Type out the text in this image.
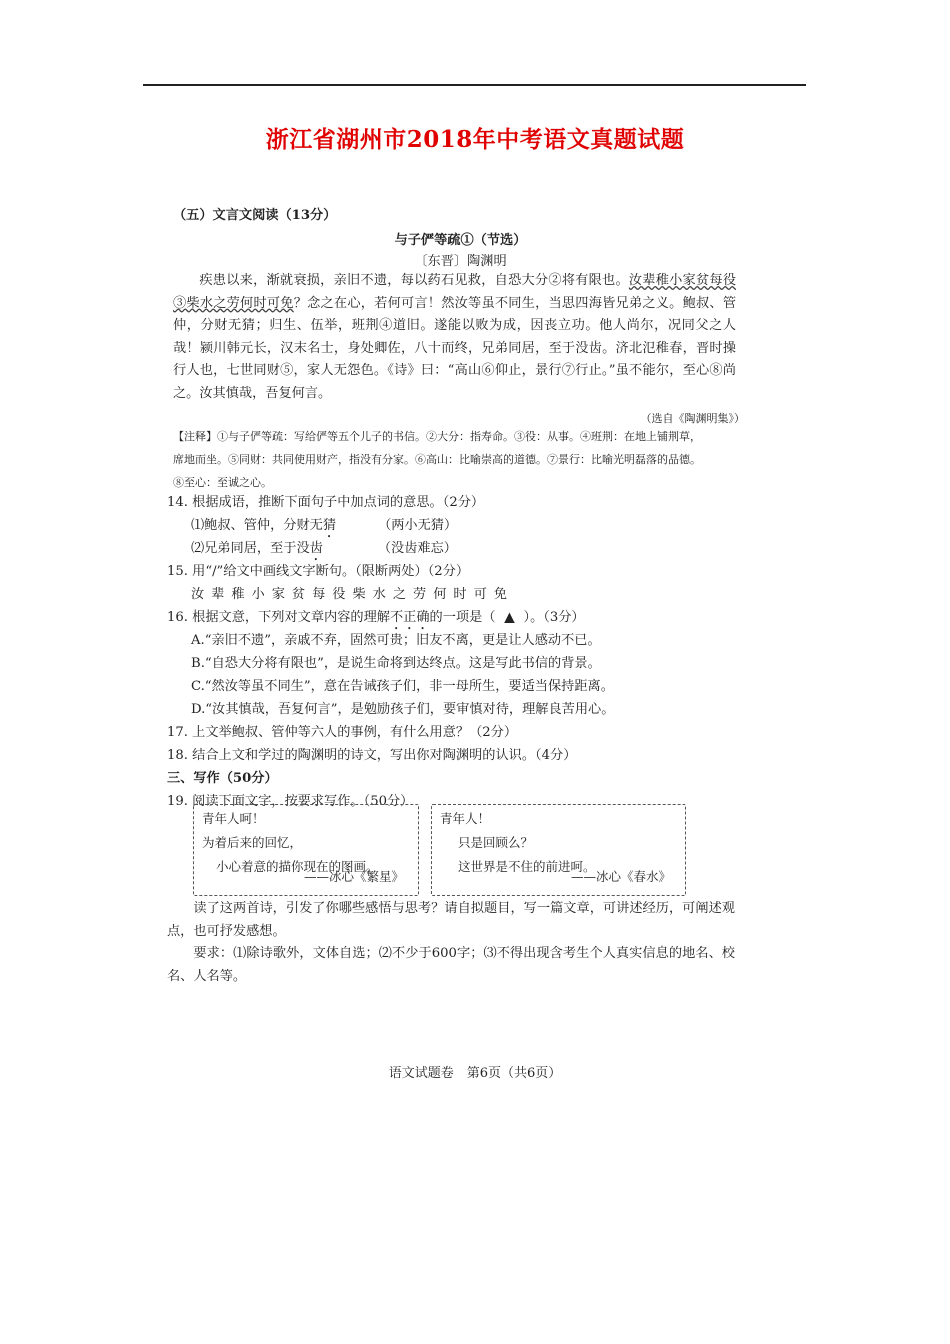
浙江省湖州市2018年中考语文真题试题
（五）文言文阅读（13分）
与子俨等疏①（节选）
〔东晋〕陶渊明
疾患以来，渐就衰损，亲旧不遗，每以药石见救，自恐大分②将有限也。汝辈稚小家贫每役③柴水之劳何时可免？念之在心，若何可言！然汝等虽不同生，当思四海皆兄弟之义。鲍叔、管仲，分财无猜；归生、伍举，班荆④道旧。遂能以败为成，因丧立功。他人尚尔，况同父之人哉！颍川韩元长，汉末名士，身处卿佐，八十而终，兄弟同居，至于没齿。济北氾稚春，晋时操行人也，七世同财⑤，家人无怨色。《诗》曰：“高山⑥仰止，景行⑦行止。”虽不能尔，至心⑧尚之。汝其慎哉，吾复何言。
（选自《陶渊明集》）
【注释】①与子俨等疏：写给俨等五个儿子的书信。②大分：指寿命。③役：从事。④班荆：在地上铺荆草，
席地而坐。⑤同财：共同使用财产，指没有分家。⑥高山：比喻崇高的道德。⑦景行：比喻光明磊落的品德。
⑧至心：至诚之心。
14. 根据成语，推断下面句子中加点词的意思。（2分）
⑴鲍叔、管仲，分财无猜	（两小无猜）
⑵兄弟同居，至于没齿	（没齿难忘）
15. 用“/”给文中画线文字断句。（限断两处）（2分）
汝辈稚小家贫每役柴水之劳何时可免
16. 根据文意，下列对文章内容的理解不正确的一项是（ ▲ ）。（3分）
A.“亲旧不遗”，亲戚不弃，固然可贵；旧友不离，更是让人感动不已。
B.“自恐大分将有限也”，是说生命将到达终点。这是写此书信的背景。
C.“然汝等虽不同生”，意在告诫孩子们，非一母所生，要适当保持距离。
D.“汝其慎哉，吾复何言”，是勉励孩子们，要审慎对待，理解良苦用心。
17. 上文举鲍叔、管仲等六人的事例，有什么用意？（2分）
18. 结合上文和学过的陶渊明的诗文，写出你对陶渊明的认识。（4分）
三、写作（50分）
19. 阅读下面文字，按要求写作。（50分）
青年人呵！
为着后来的回忆，
小心着意的描你现在的图画。
——冰心《繁星》
青年人！
只是回顾么？
这世界是不住的前进呵。
——冰心《春水》
读了这两首诗，引发了你哪些感悟与思考？请自拟题目，写一篇文章，可讲述经历，可阐述观点，也可抒发感想。
要求：⑴除诗歌外，文体自选；⑵不少于600字；⑶不得出现含考生个人真实信息的地名、校名、人名等。
语文试题卷　第6页（共6页）
